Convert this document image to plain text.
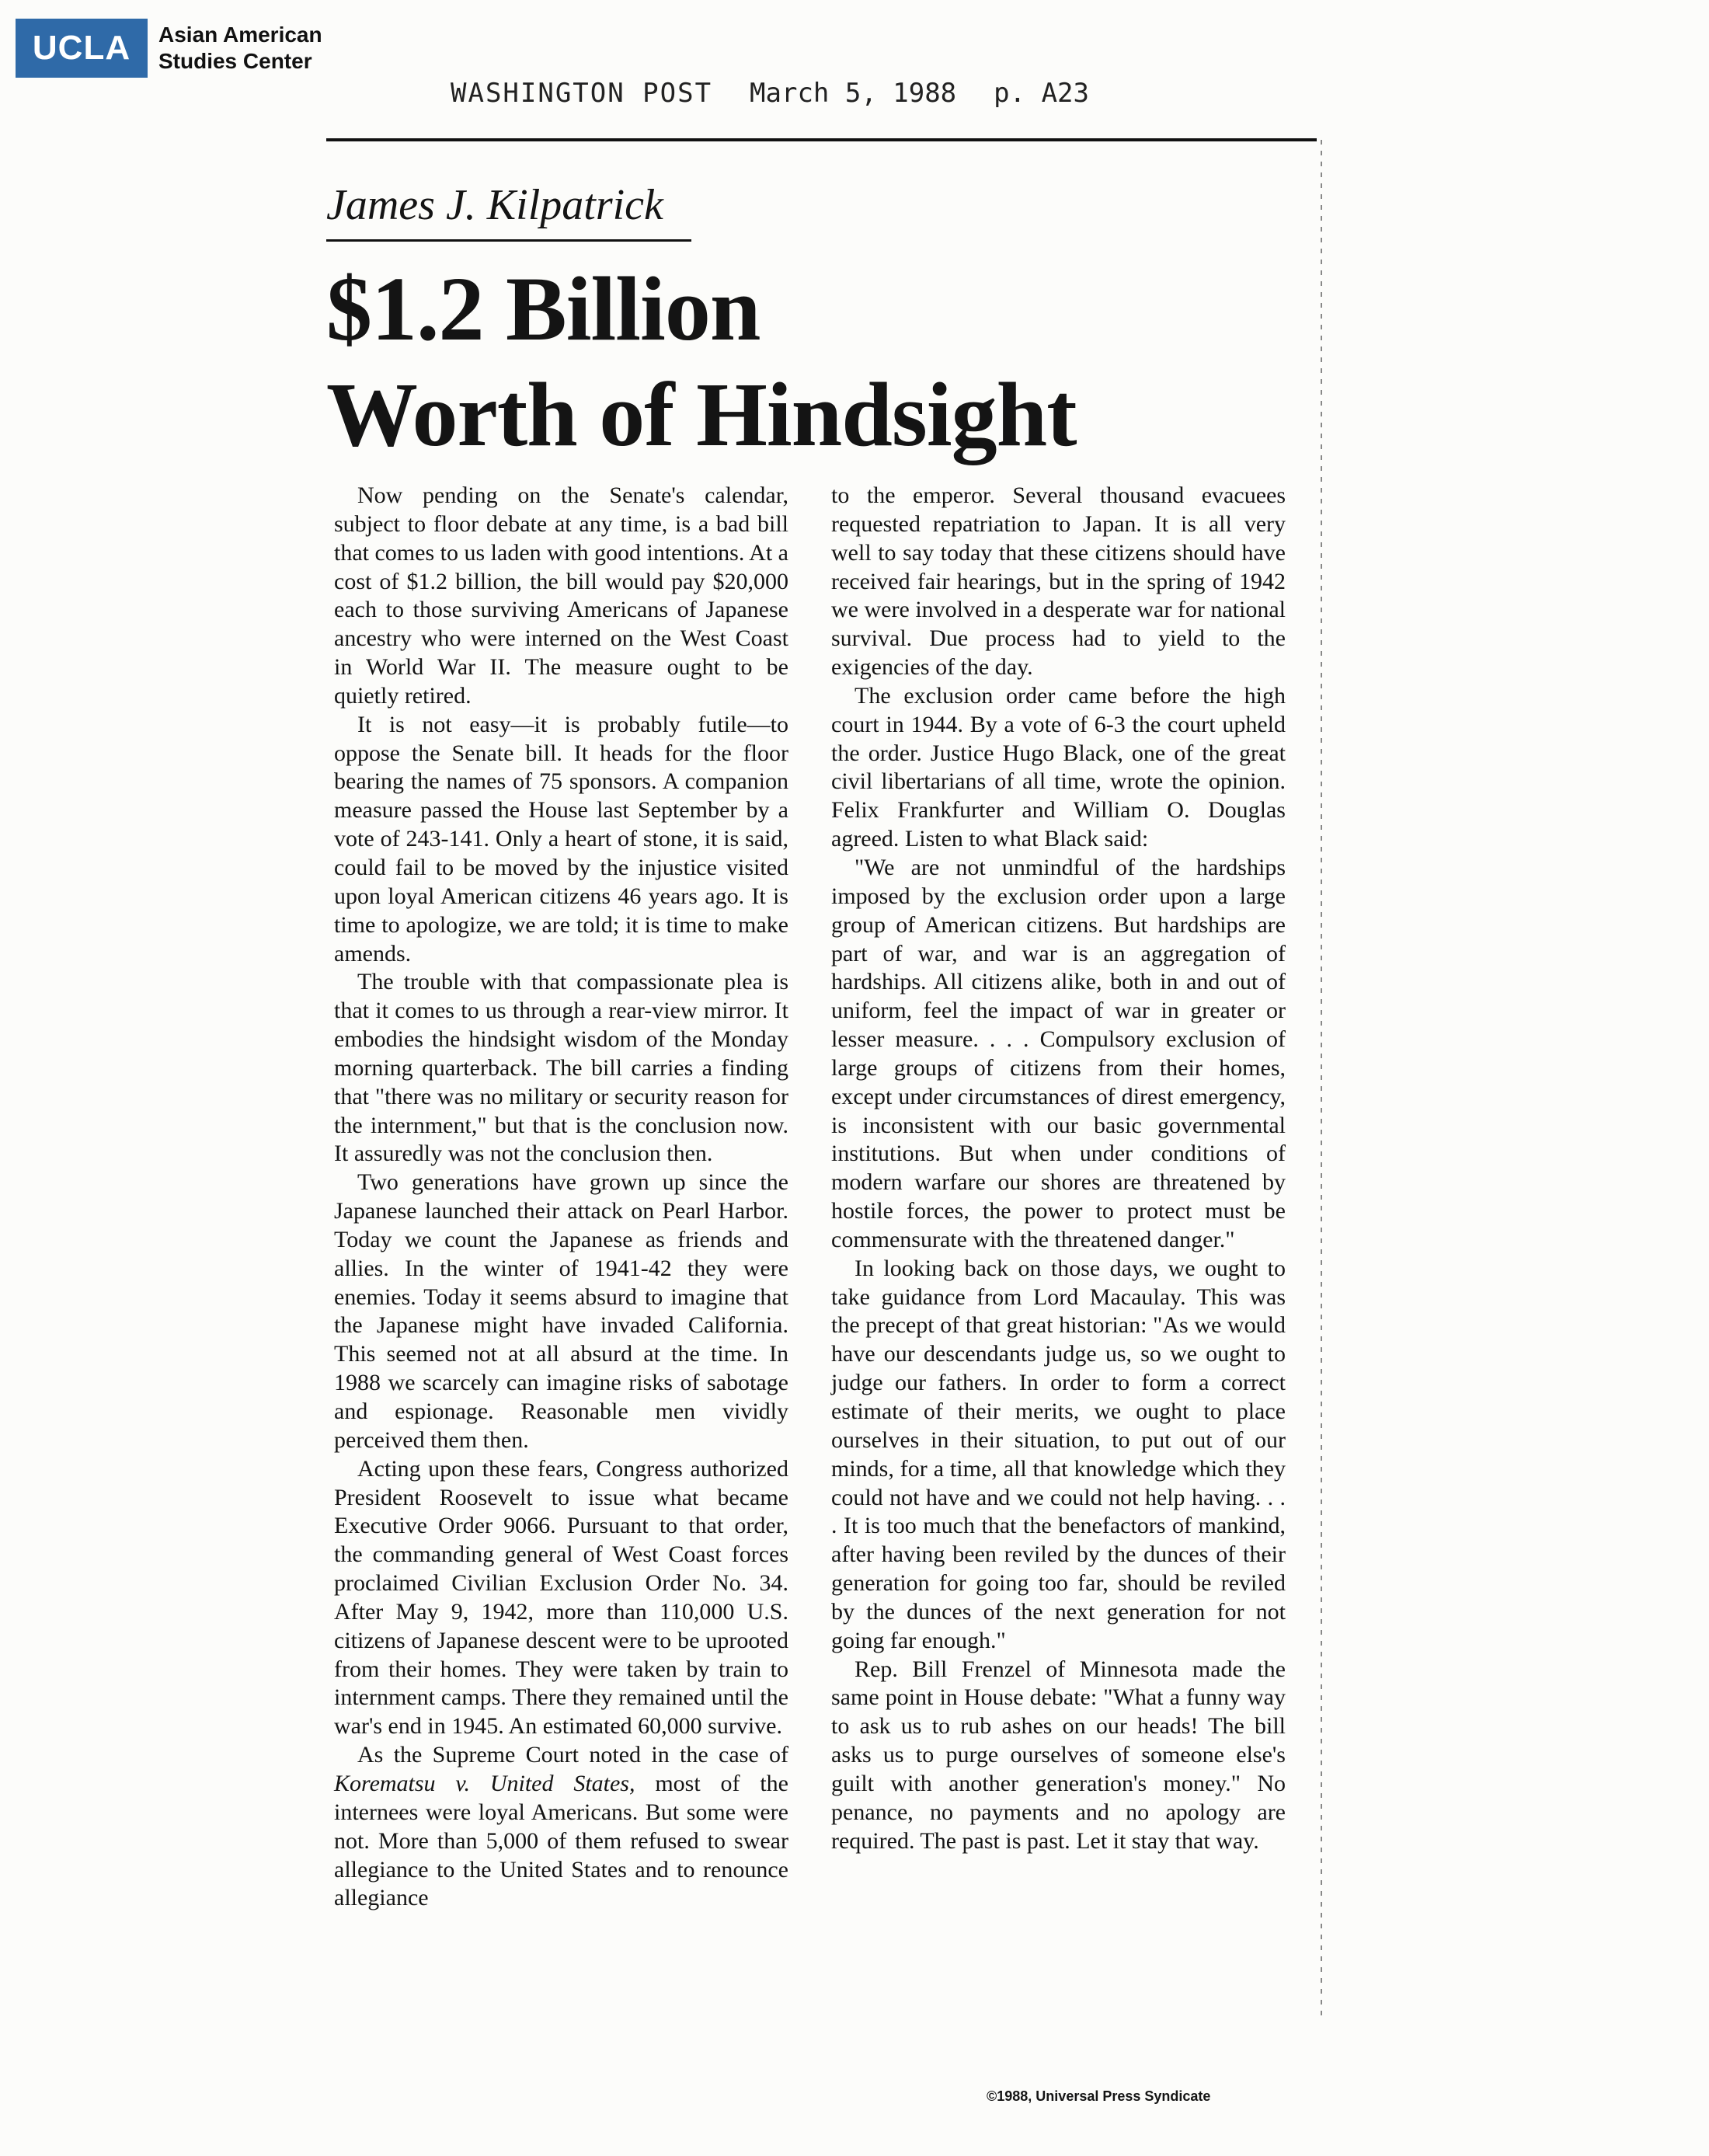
UCLA	Asian American
Studies Center
WASHINGTON POST March 5, 1988 p. A23
James J. Kilpatrick
$1.2 Billion
Worth of Hindsight

Now pending on the Senate's calendar, subject to floor debate at any time, is a bad bill that comes to us laden with good intentions. At a cost of $1.2 billion, the bill would pay $20,000 each to those surviving Americans of Japanese ancestry who were interned on the West Coast in World War II. The measure ought to be quietly retired.

It is not easy—it is probably futile—to oppose the Senate bill. It heads for the floor bearing the names of 75 sponsors. A companion measure passed the House last September by a vote of 243-141. Only a heart of stone, it is said, could fail to be moved by the injustice visited upon loyal American citizens 46 years ago. It is time to apologize, we are told; it is time to make amends.

The trouble with that compassionate plea is that it comes to us through a rear-view mirror. It embodies the hindsight wisdom of the Monday morning quarterback. The bill carries a finding that "there was no military or security reason for the internment," but that is the conclusion now. It assuredly was not the conclusion then.

Two generations have grown up since the Japanese launched their attack on Pearl Harbor. Today we count the Japanese as friends and allies. In the winter of 1941-42 they were enemies. Today it seems absurd to imagine that the Japanese might have invaded California. This seemed not at all absurd at the time. In 1988 we scarcely can imagine risks of sabotage and espionage. Reasonable men vividly perceived them then.

Acting upon these fears, Congress authorized President Roosevelt to issue what became Executive Order 9066. Pursuant to that order, the commanding general of West Coast forces proclaimed Civilian Exclusion Order No. 34. After May 9, 1942, more than 110,000 U.S. citizens of Japanese descent were to be uprooted from their homes. They were taken by train to internment camps. There they remained until the war's end in 1945. An estimated 60,000 survive.

As the Supreme Court noted in the case of Korematsu v. United States, most of the internees were loyal Americans. But some were not. More than 5,000 of them refused to swear allegiance to the United States and to renounce allegiance

to the emperor. Several thousand evacuees requested repatriation to Japan. It is all very well to say today that these citizens should have received fair hearings, but in the spring of 1942 we were involved in a desperate war for national survival. Due process had to yield to the exigencies of the day.

The exclusion order came before the high court in 1944. By a vote of 6-3 the court upheld the order. Justice Hugo Black, one of the great civil libertarians of all time, wrote the opinion. Felix Frankfurter and William O. Douglas agreed. Listen to what Black said:

"We are not unmindful of the hardships imposed by the exclusion order upon a large group of American citizens. But hardships are part of war, and war is an aggregation of hardships. All citizens alike, both in and out of uniform, feel the impact of war in greater or lesser measure. . . . Compulsory exclusion of large groups of citizens from their homes, except under circumstances of direst emergency, is inconsistent with our basic governmental institutions. But when under conditions of modern warfare our shores are threatened by hostile forces, the power to protect must be commensurate with the threatened danger."

In looking back on those days, we ought to take guidance from Lord Macaulay. This was the precept of that great historian: "As we would have our descendants judge us, so we ought to judge our fathers. In order to form a correct estimate of their merits, we ought to place ourselves in their situation, to put out of our minds, for a time, all that knowledge which they could not have and we could not help having. . . . It is too much that the benefactors of mankind, after having been reviled by the dunces of their generation for going too far, should be reviled by the dunces of the next generation for not going far enough."

Rep. Bill Frenzel of Minnesota made the same point in House debate: "What a funny way to ask us to rub ashes on our heads! The bill asks us to purge ourselves of someone else's guilt with another generation's money." No penance, no payments and no apology are required. The past is past. Let it stay that way.

©1988, Universal Press Syndicate
